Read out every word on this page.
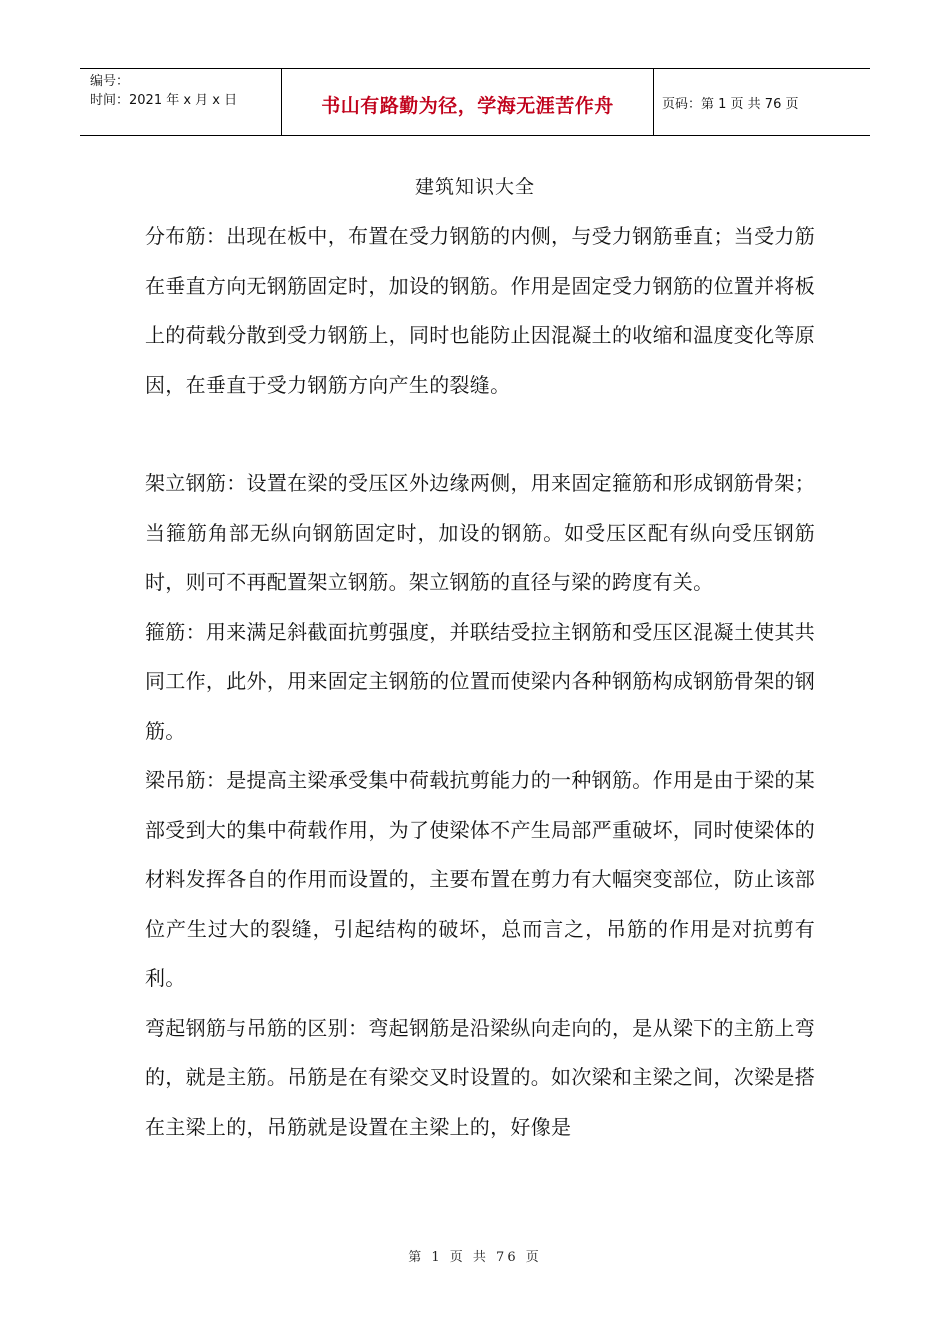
编号：
时间：2021 年 x 月 x 日	书山有路勤为径，学海无涯苦作舟	页码：第 1 页 共 76 页
建筑知识大全

分布筋：出现在板中，布置在受力钢筋的内侧，与受力钢筋垂直；当受力筋在垂直方向无钢筋固定时，加设的钢筋。作用是固定受力钢筋的位置并将板上的荷载分散到受力钢筋上，同时也能防止因混凝土的收缩和温度变化等原因，在垂直于受力钢筋方向产生的裂缝。

架立钢筋：设置在梁的受压区外边缘两侧，用来固定箍筋和形成钢筋骨架；当箍筋角部无纵向钢筋固定时，加设的钢筋。如受压区配有纵向受压钢筋时，则可不再配置架立钢筋。架立钢筋的直径与梁的跨度有关。

箍筋：用来满足斜截面抗剪强度，并联结受拉主钢筋和受压区混凝土使其共同工作，此外，用来固定主钢筋的位置而使梁内各种钢筋构成钢筋骨架的钢筋。

梁吊筋：是提高主梁承受集中荷载抗剪能力的一种钢筋。作用是由于梁的某部受到大的集中荷载作用，为了使梁体不产生局部严重破坏，同时使梁体的材料发挥各自的作用而设置的，主要布置在剪力有大幅突变部位，防止该部位产生过大的裂缝，引起结构的破坏，总而言之，吊筋的作用是对抗剪有利。

弯起钢筋与吊筋的区别：弯起钢筋是沿梁纵向走向的，是从梁下的主筋上弯的，就是主筋。吊筋是在有梁交叉时设置的。如次梁和主梁之间，次梁是搭在主梁上的，吊筋就是设置在主梁上的，好像是

第 1 页 共 76 页
